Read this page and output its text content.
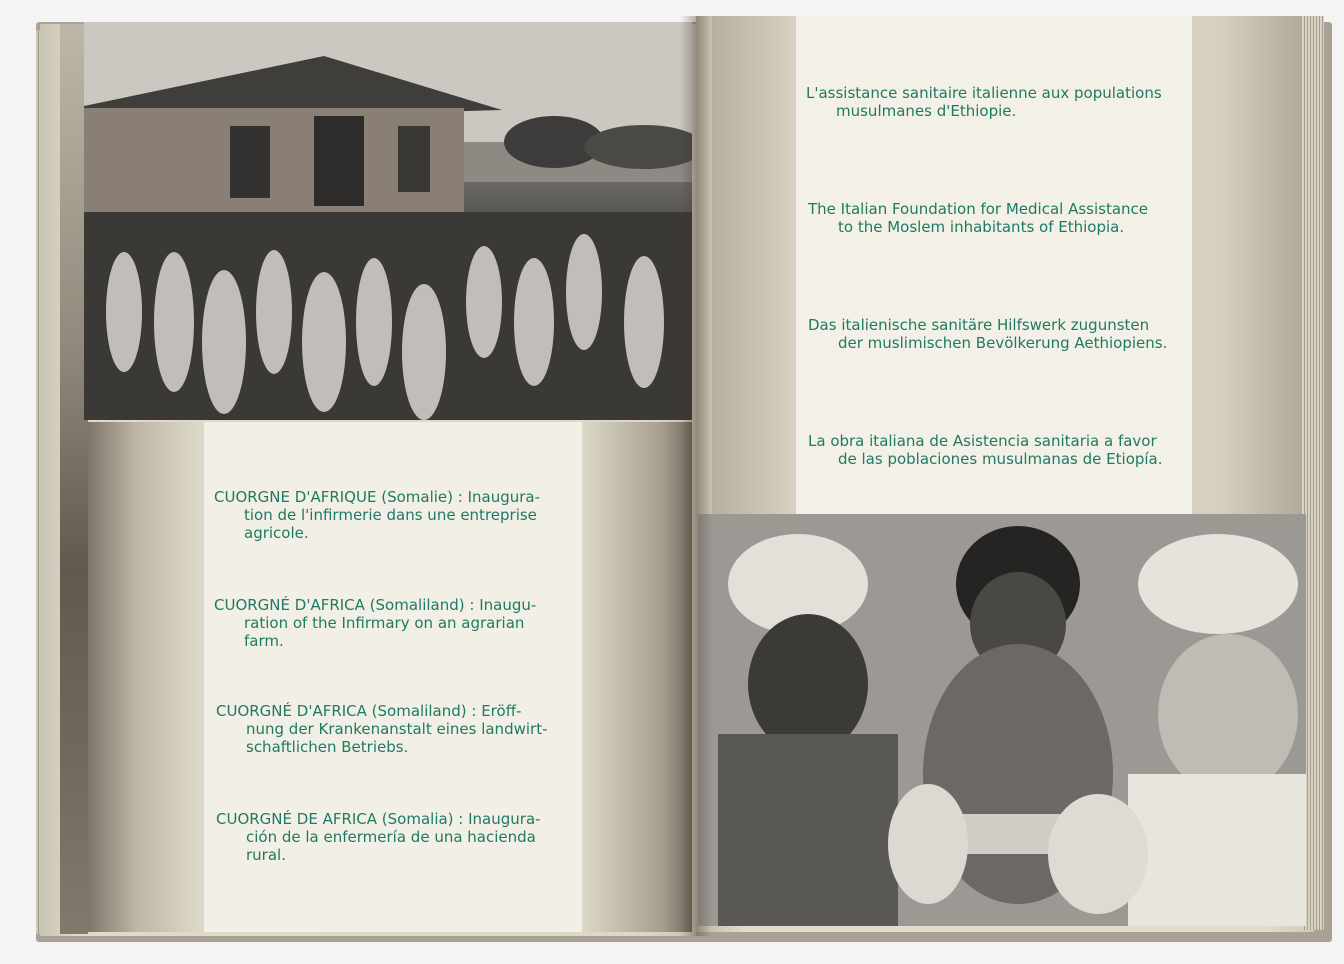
CUORGNE D'AFRIQUE (Somalie) : Inaugura-
tion de l'infirmerie dans une entreprise
agricole.
CUORGNÉ D'AFRICA (Somaliland) : Inaugu-
ration of the Infirmary on an agrarian
farm.
CUORGNÉ D'AFRICA (Somaliland) : Eröff-
nung der Krankenanstalt eines landwirt-
schaftlichen Betriebs.
CUORGNÉ DE AFRICA (Somalia) : Inaugura-
ción de la enfermería de una hacienda
rural.
L'assistance sanitaire italienne aux populations
musulmanes d'Ethiopie.
The Italian Foundation for Medical Assistance
to the Moslem inhabitants of Ethiopia.
Das italienische sanitäre Hilfswerk zugunsten
der muslimischen Bevölkerung Aethiopiens.
La obra italiana de Asistencia sanitaria a favor
de las poblaciones musulmanas de Etiopía.
